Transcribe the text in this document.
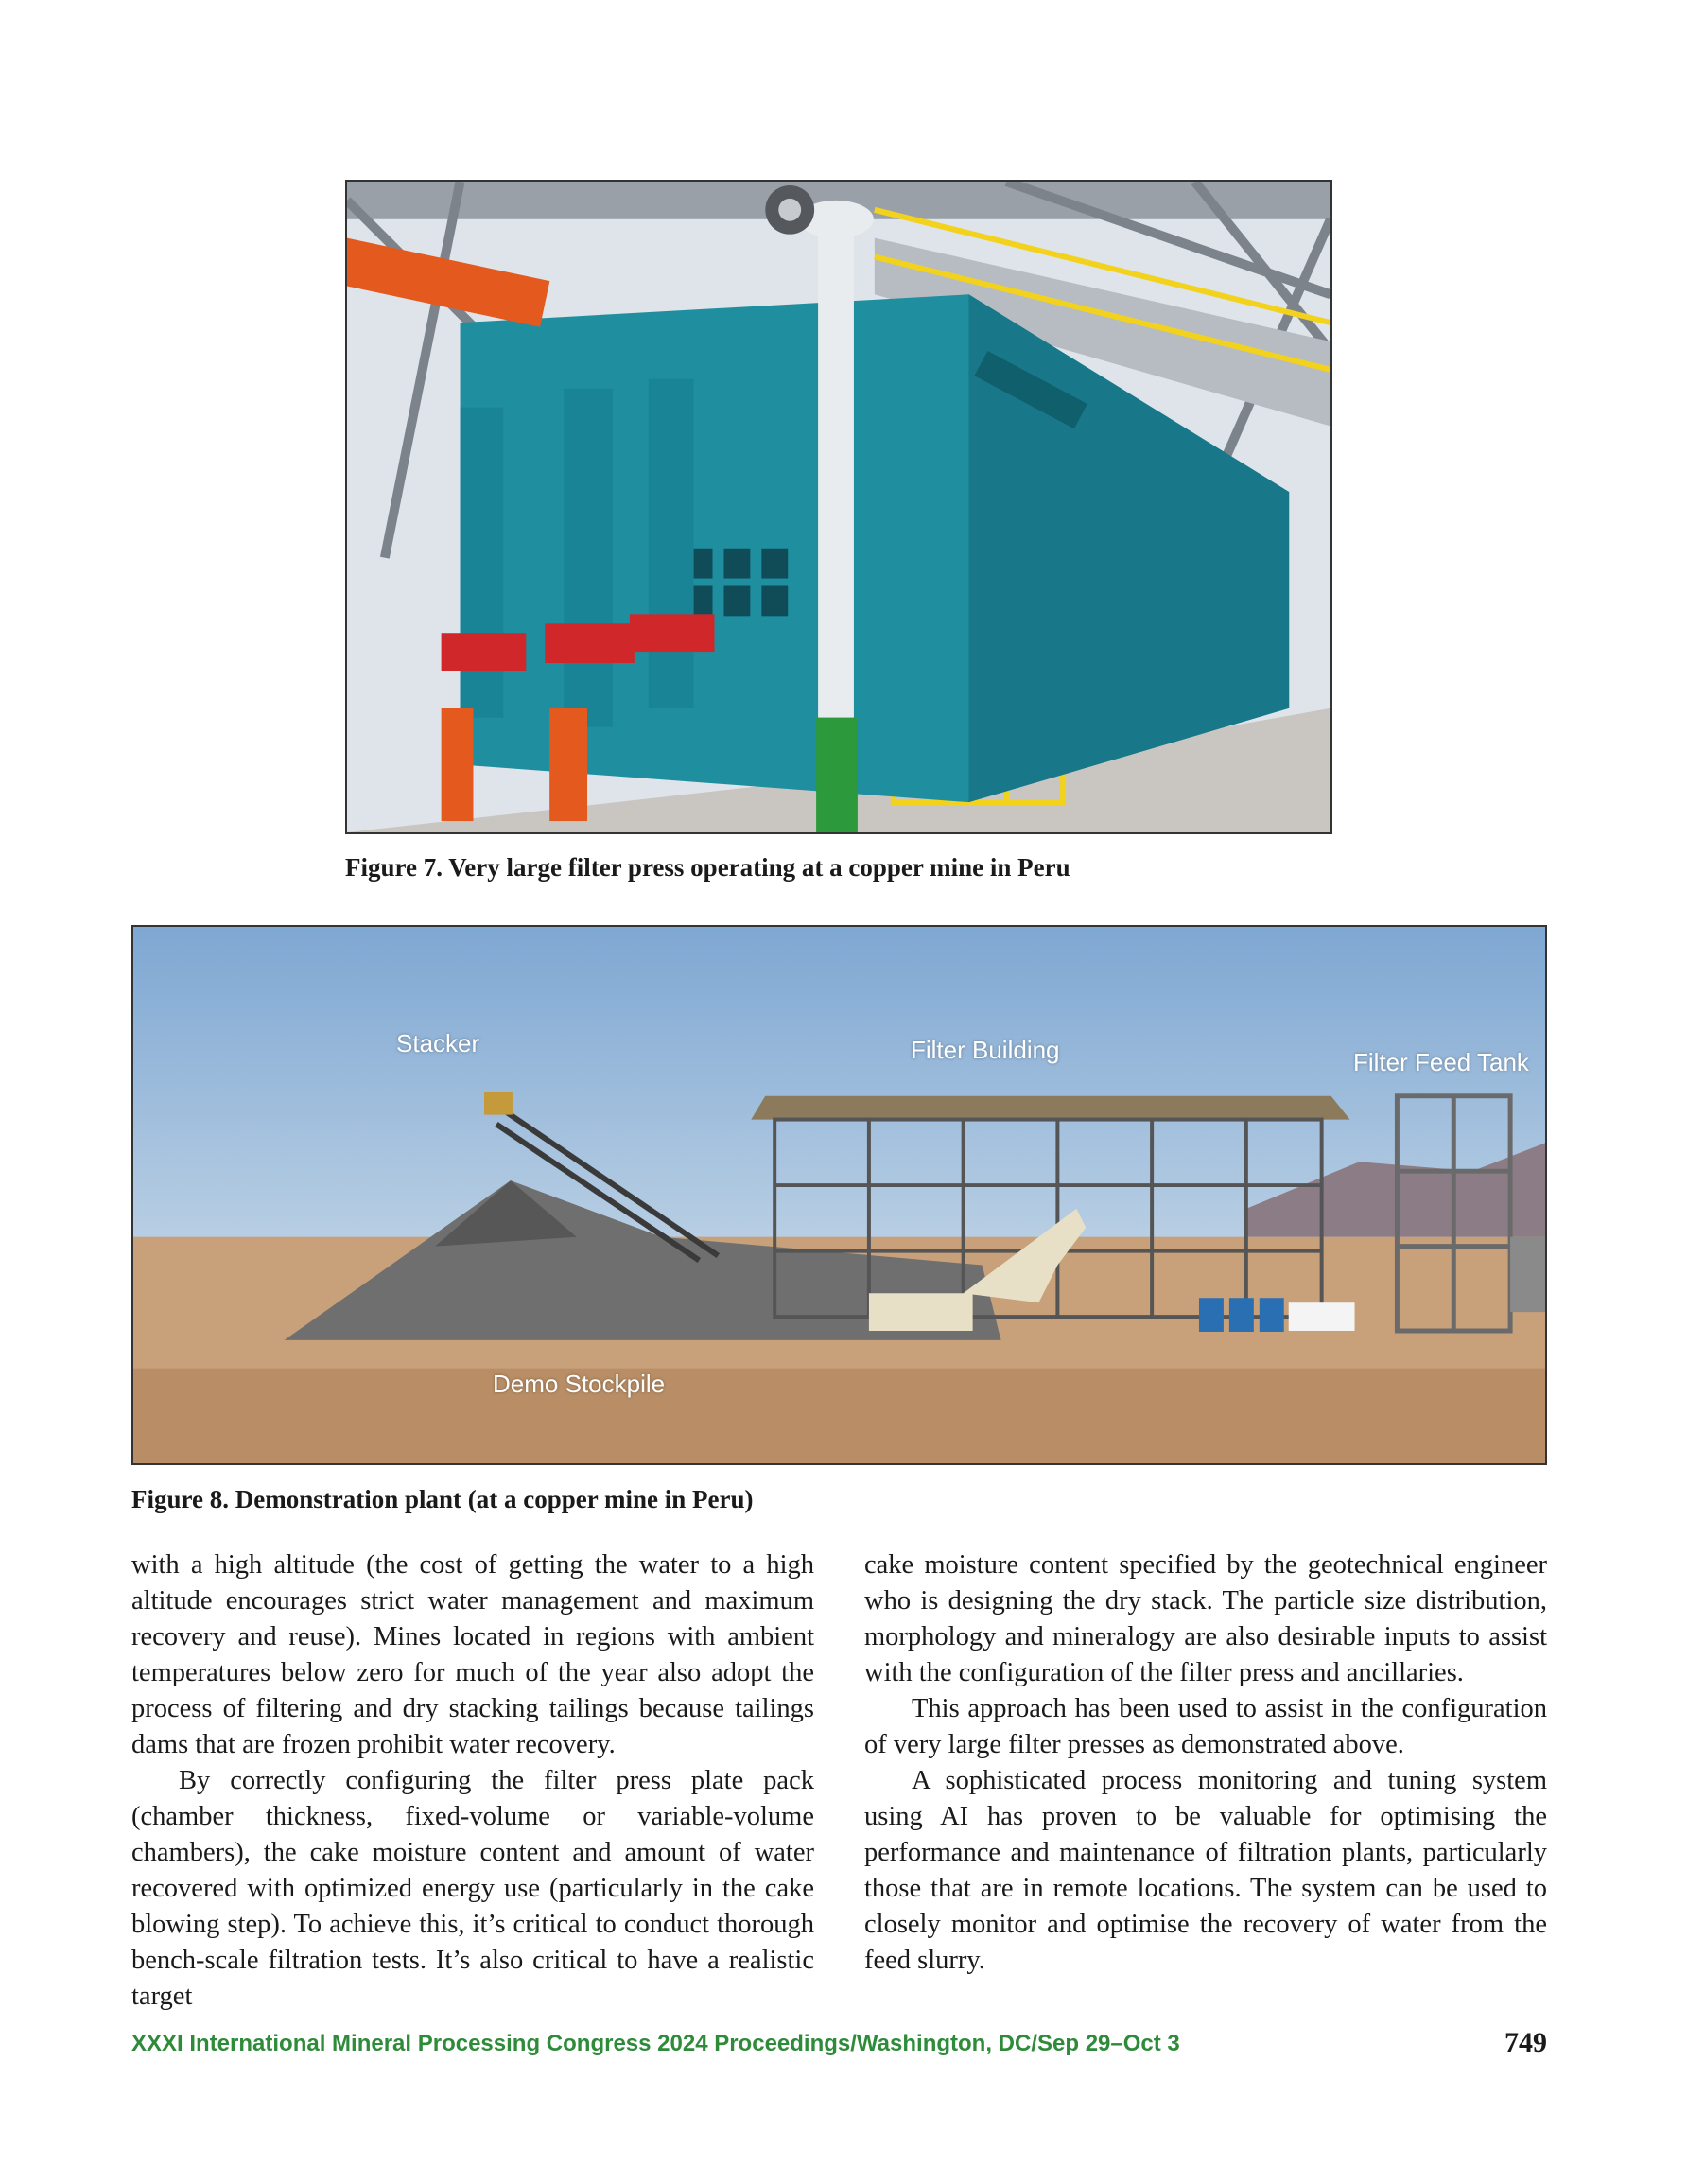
Figure 7. Very large filter press operating at a copper mine in Peru
Stacker	Filter Building	Filter Feed Tank
Demo Stockpile
Figure 8. Demonstration plant (at a copper mine in Peru)

with a high altitude (the cost of getting the water to a high altitude encourages strict water management and maximum recovery and reuse). Mines located in regions with ambient temperatures below zero for much of the year also adopt the process of filtering and dry stacking tailings because tailings dams that are frozen prohibit water recovery.

By correctly configuring the filter press plate pack (chamber thickness, fixed-volume or variable-volume chambers), the cake moisture content and amount of water recovered with optimized energy use (particularly in the cake blowing step). To achieve this, it’s critical to conduct thorough bench-scale filtration tests. It’s also critical to have a realistic target

cake moisture content specified by the geotechnical engineer who is designing the dry stack. The particle size distribution, morphology and mineralogy are also desirable inputs to assist with the configuration of the filter press and ancillaries.

This approach has been used to assist in the configuration of very large filter presses as demonstrated above.

A sophisticated process monitoring and tuning system using AI has proven to be valuable for optimising the performance and maintenance of filtration plants, particularly those that are in remote locations. The system can be used to closely monitor and optimise the recovery of water from the feed slurry.

XXXI International Mineral Processing Congress 2024 Proceedings/Washington, DC/Sep 29–Oct 3	749
